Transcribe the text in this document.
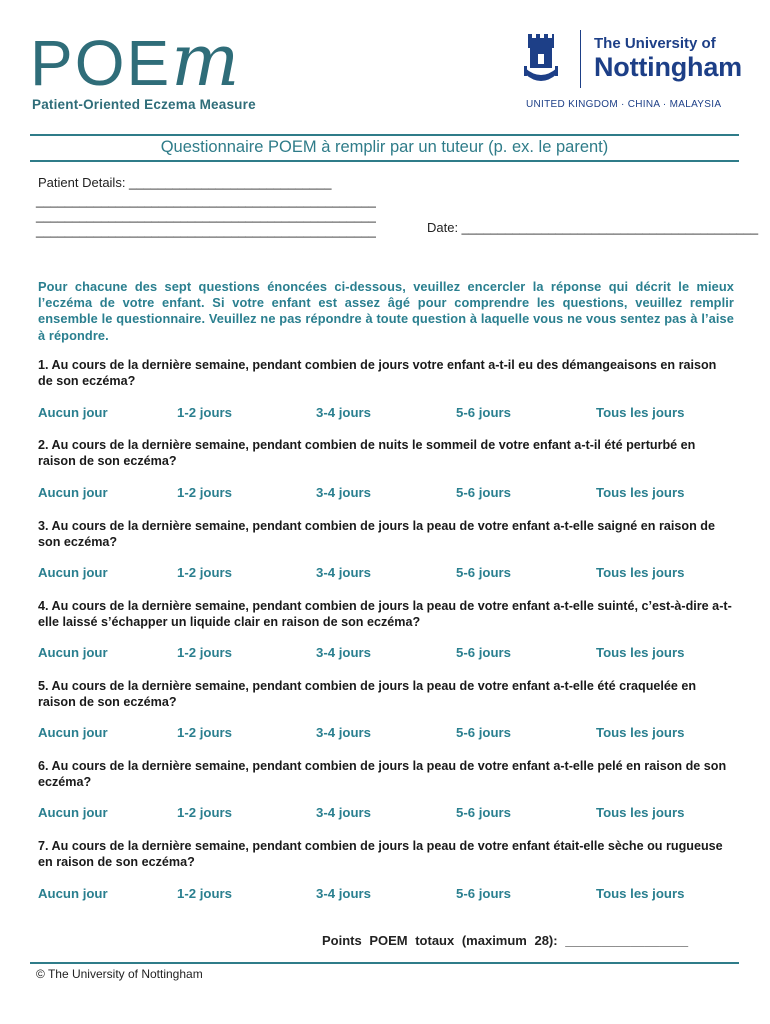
POEm
Patient-Oriented Eczema Measure
The University of
Nottingham
UNITED KINGDOM · CHINA · MALAYSIA
Questionnaire POEM à remplir par un tuteur (p. ex. le parent)
Patient Details: ____________________________
_______________________________________________
_______________________________________________
_______________________________________________	Date: _________________________________________
Pour chacune des sept questions énoncées ci-dessous, veuillez encercler la réponse qui décrit le mieux l’eczéma de votre enfant. Si votre enfant est assez âgé pour comprendre les questions, veuillez remplir ensemble le questionnaire. Veuillez ne pas répondre à toute question à laquelle vous ne vous sentez pas à l’aise à répondre.
1. Au cours de la dernière semaine, pendant combien de jours votre enfant a-t-il eu des démangeaisons en raison de son eczéma?
Aucun jour	1-2 jours	3-4 jours	5-6 jours	Tous les jours
2. Au cours de la dernière semaine, pendant combien de nuits le sommeil de votre enfant a-t-il été perturbé en raison de son eczéma?
Aucun jour	1-2 jours	3-4 jours	5-6 jours	Tous les jours
3. Au cours de la dernière semaine, pendant combien de jours la peau de votre enfant a-t-elle saigné en raison de son eczéma?
Aucun jour	1-2 jours	3-4 jours	5-6 jours	Tous les jours
4. Au cours de la dernière semaine, pendant combien de jours la peau de votre enfant a-t-elle suinté, c’est-à-dire a-t-elle laissé s’échapper un liquide clair en raison de son eczéma?
Aucun jour	1-2 jours	3-4 jours	5-6 jours	Tous les jours
5. Au cours de la dernière semaine, pendant combien de jours la peau de votre enfant a-t-elle été craquelée en raison de son eczéma?
Aucun jour	1-2 jours	3-4 jours	5-6 jours	Tous les jours
6. Au cours de la dernière semaine, pendant combien de jours la peau de votre enfant a-t-elle pelé en raison de son eczéma?
Aucun jour	1-2 jours	3-4 jours	5-6 jours	Tous les jours
7. Au cours de la dernière semaine, pendant combien de jours la peau de votre enfant était-elle sèche ou rugueuse en raison de son eczéma?
Aucun jour	1-2 jours	3-4 jours	5-6 jours	Tous les jours
Points POEM totaux (maximum 28): _________________
© The University of Nottingham
